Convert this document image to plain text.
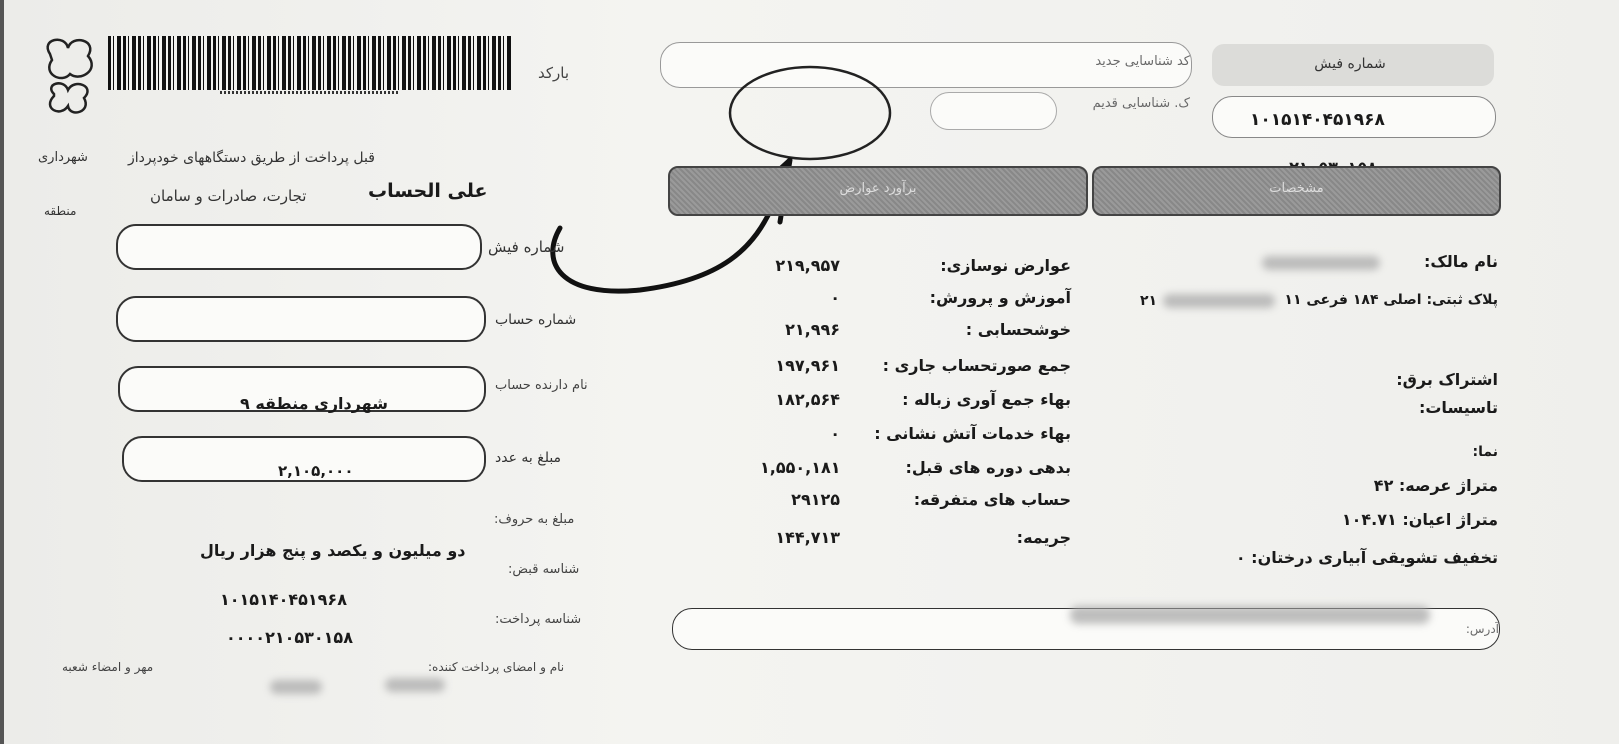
شماره فیش
۱۰۱۵۱۴۰۴۵۱۹۶۸
کد شناسایی جدید
ک. شناسایی قدیم
مشخصات
برآورد عوارض
نام مالک:
پلاک ثبتی: اصلی ۱۸۴ فرعی ۱۱
۲۱
اشتراک برق:
تاسیسات:
نما:
متراژ عرصه: ۴۲
متراژ اعیان: ۱۰۴.۷۱
تخفیف تشویقی آبیاری درختان: ۰
عوارض نوسازی:
۲۱۹,۹۵۷
آموزش و پرورش:
۰
خوشحسابی :
۲۱,۹۹۶
جمع صورتحساب جاری :
۱۹۷,۹۶۱
بهاء جمع آوری زباله :
۱۸۲,۵۶۴
بهاء خدمات آتش نشانی :
۰
بدهی دوره های قبل:
۱,۵۵۰,۱۸۱
حساب های متفرقه:
۲۹۱۲۵
جریمه:
۱۴۴,۷۱۳
آدرس:
شهرداری
منطقه
بارکد
قبل پرداخت از طریق دستگاههای خودپرداز
علی الحساب
تجارت، صادرات و سامان
شماره فیش
شماره حساب
نام دارنده حساب
شهرداری منطقه ۹
مبلغ به عدد
۲,۱۰۵,۰۰۰
مبلغ به حروف:
دو میلیون و یکصد و پنج هزار ریال
شناسه قبض:
۱۰۱۵۱۴۰۴۵۱۹۶۸
شناسه پرداخت:
۰۰۰۰۲۱۰۵۳۰۱۵۸
نام و امضای پرداخت کننده:
مهر و امضاء شعبه
